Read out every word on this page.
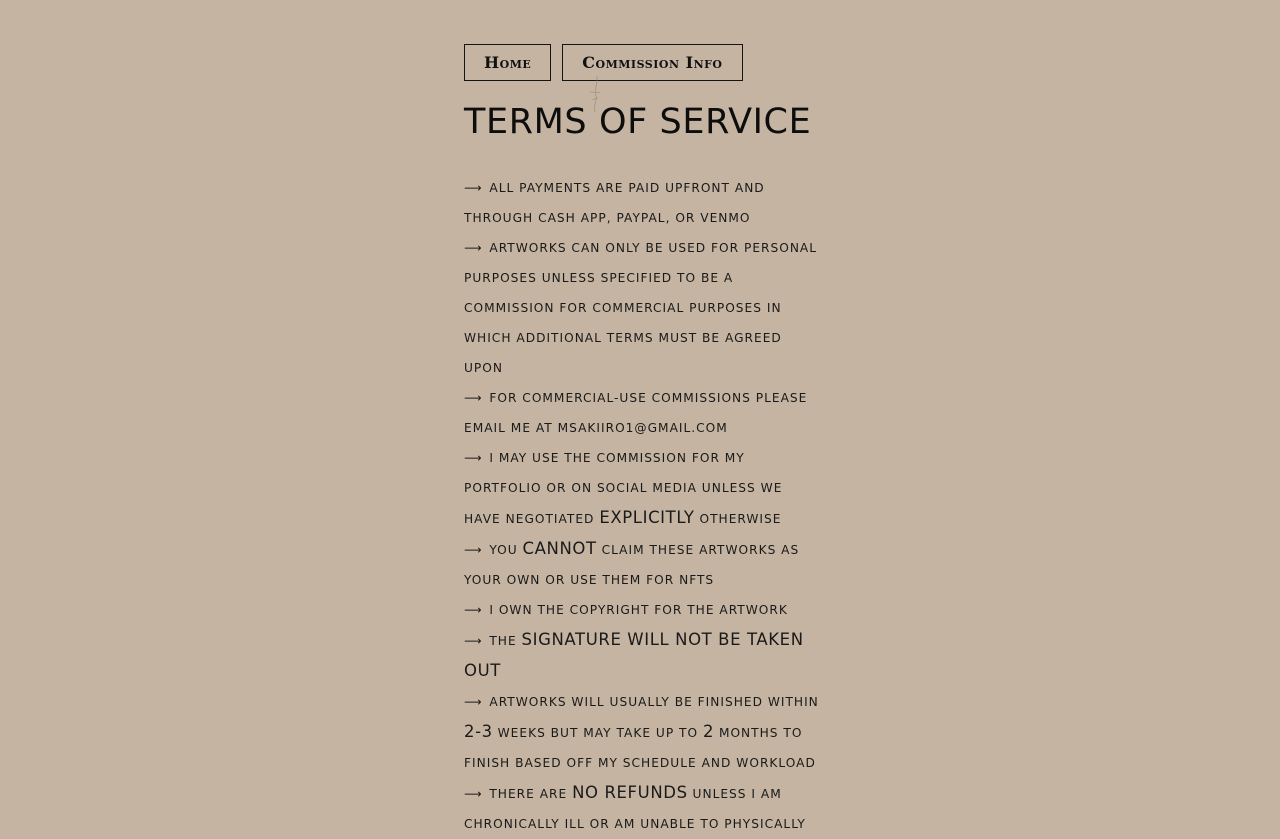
Home	Commission Info
TERMS OF SERVICE

⟶ ALL PAYMENTS ARE PAID UPFRONT AND THROUGH CASH APP, PAYPAL, OR VENMO

⟶ ARTWORKS CAN ONLY BE USED FOR PERSONAL PURPOSES UNLESS SPECIFIED TO BE A COMMISSION FOR COMMERCIAL PURPOSES IN WHICH ADDITIONAL TERMS MUST BE AGREED UPON

⟶ FOR COMMERCIAL-USE COMMISSIONS PLEASE EMAIL ME AT MSAKIIRO1@GMAIL.COM

⟶ I MAY USE THE COMMISSION FOR MY PORTFOLIO OR ON SOCIAL MEDIA UNLESS WE HAVE NEGOTIATED EXPLICITLY OTHERWISE

⟶ YOU CANNOT CLAIM THESE ARTWORKS AS YOUR OWN OR USE THEM FOR NFTS

⟶ I OWN THE COPYRIGHT FOR THE ARTWORK

⟶ THE SIGNATURE WILL NOT BE TAKEN OUT

⟶ ARTWORKS WILL USUALLY BE FINISHED WITHIN 2-3 WEEKS BUT MAY TAKE UP TO 2 MONTHS TO FINISH BASED OFF MY SCHEDULE AND WORKLOAD

⟶ THERE ARE NO REFUNDS UNLESS I AM CHRONICALLY ILL OR AM UNABLE TO PHYSICALLY
